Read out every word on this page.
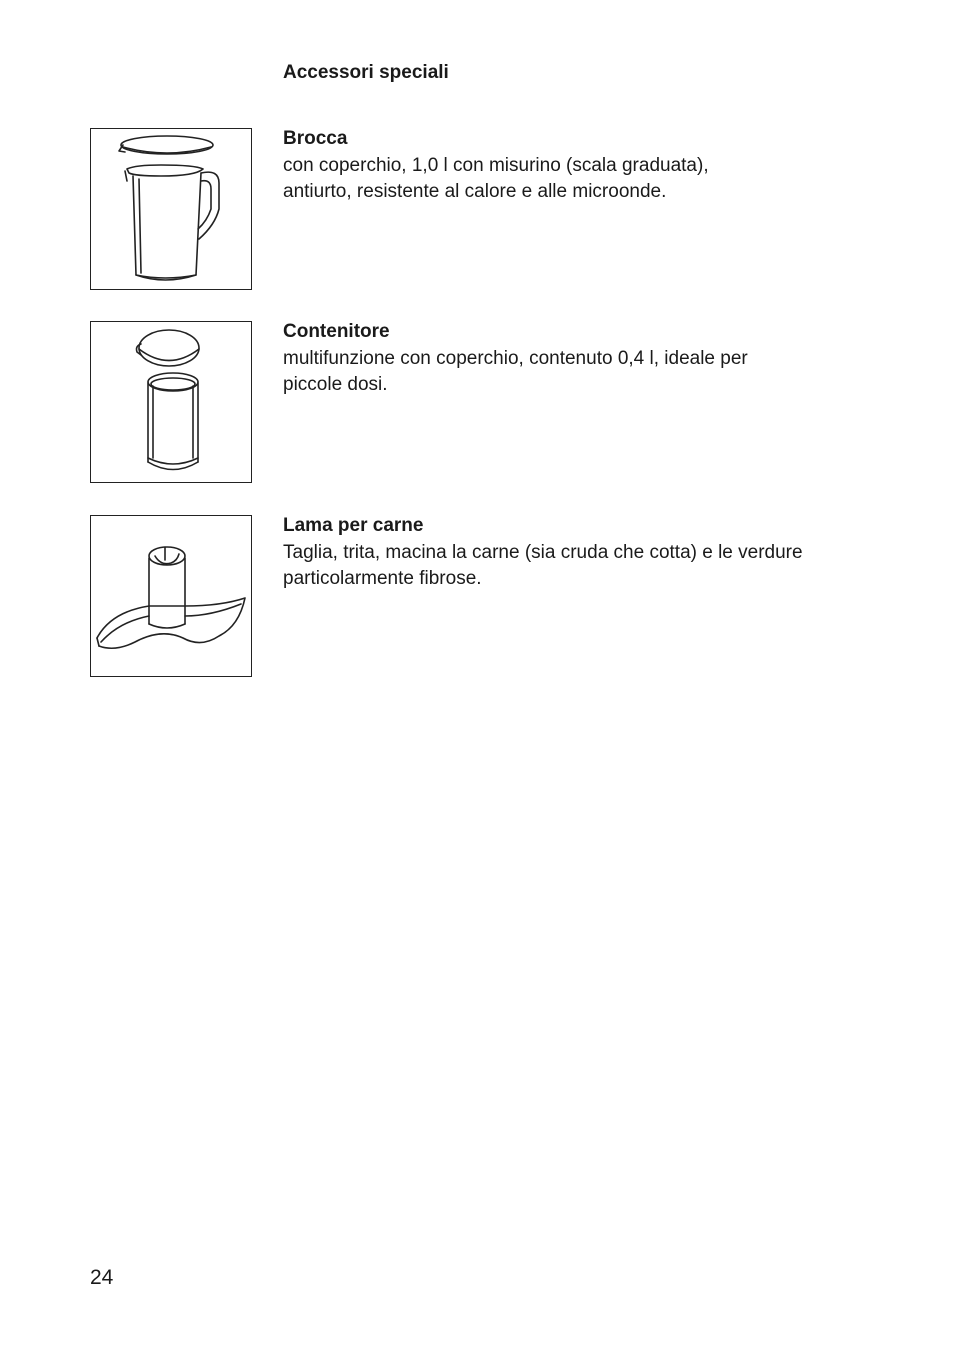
Accessori speciali

Brocca

con coperchio, 1,0 l con misurino (scala graduata),
antiurto, resistente al calore e alle microonde.

Contenitore

multifunzione con coperchio, contenuto 0,4 l, ideale per
piccole dosi.

Lama per carne

Taglia, trita, macina la carne (sia cruda che cotta) e le verdure
particolarmente fibrose.

24
